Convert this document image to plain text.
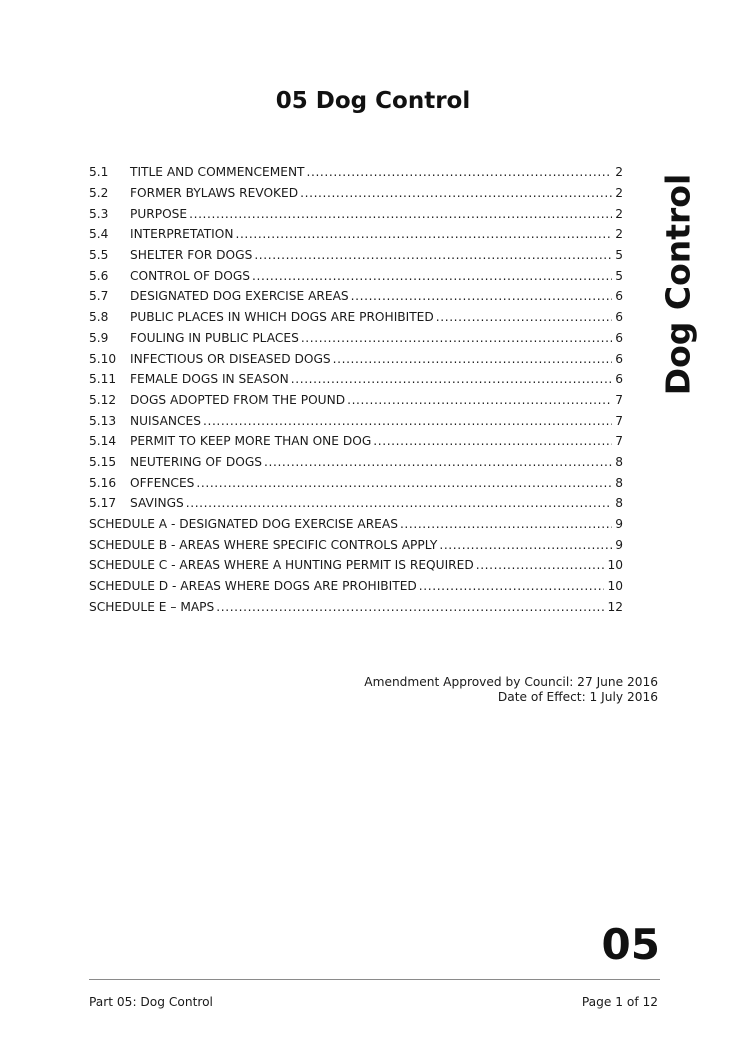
05 Dog Control
5.1	TITLE AND COMMENCEMENT .....	2
5.2	FORMER BYLAWS REVOKED .....	2
5.3	PURPOSE .....	2
5.4	INTERPRETATION .....	2
5.5	SHELTER FOR DOGS .....	5
5.6	CONTROL OF DOGS .....	5
5.7	DESIGNATED DOG EXERCISE AREAS .....	6
5.8	PUBLIC PLACES IN WHICH DOGS ARE PROHIBITED .....	6
5.9	FOULING IN PUBLIC PLACES .....	6
5.10	INFECTIOUS OR DISEASED DOGS .....	6
5.11	FEMALE DOGS IN SEASON .....	6
5.12	DOGS ADOPTED FROM THE POUND .....	7
5.13	NUISANCES .....	7
5.14	PERMIT TO KEEP MORE THAN ONE DOG .....	7
5.15	NEUTERING OF DOGS .....	8
5.16	OFFENCES .....	8
5.17	SAVINGS .....	8
SCHEDULE A - DESIGNATED DOG EXERCISE AREAS .....	9
SCHEDULE B - AREAS WHERE SPECIFIC CONTROLS APPLY .....	9
SCHEDULE C - AREAS WHERE A HUNTING PERMIT IS REQUIRED .....	10
SCHEDULE D - AREAS WHERE DOGS ARE PROHIBITED .....	10
SCHEDULE E – MAPS .....	12
Dog Control
Amendment Approved by Council: 27 June 2016
Date of Effect: 1 July 2016
05
Part 05: Dog Control	Page 1 of 12
